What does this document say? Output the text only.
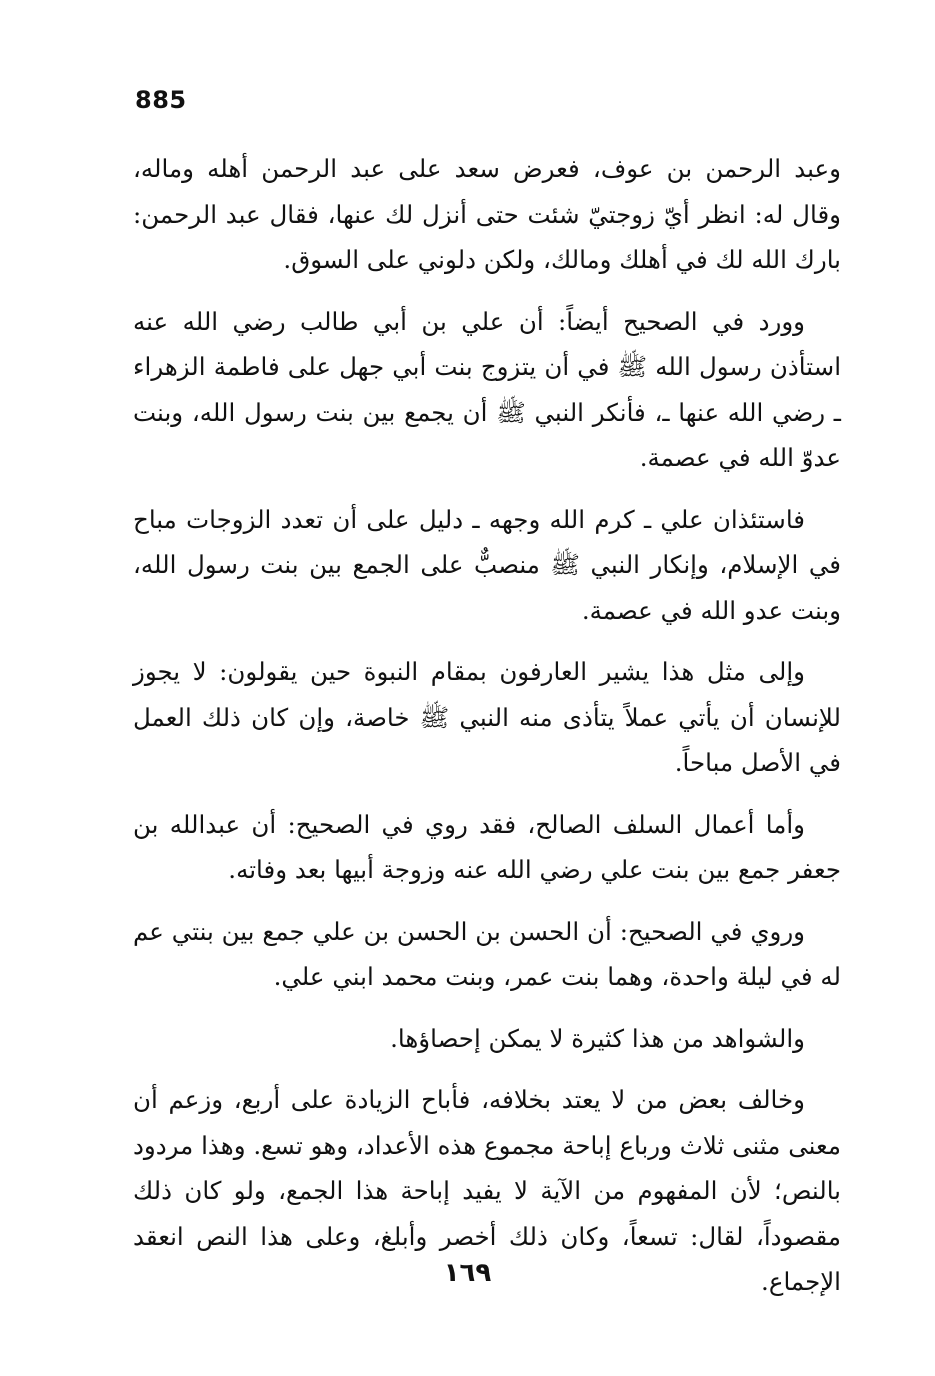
885

وعبد الرحمن بن عوف، فعرض سعد على عبد الرحمن أهله وماله، وقال له: انظر أيّ زوجتيّ شئت حتى أنزل لك عنها، فقال عبد الرحمن: بارك الله لك في أهلك ومالك، ولكن دلوني على السوق.

وورد في الصحيح أيضاً: أن علي بن أبي طالب رضي الله عنه استأذن رسول الله ﷺ في أن يتزوج بنت أبي جهل على فاطمة الزهراء ـ رضي الله عنها ـ، فأنكر النبي ﷺ أن يجمع بين بنت رسول الله، وبنت عدوّ الله في عصمة.

فاستئذان علي ـ كرم الله وجهه ـ دليل على أن تعدد الزوجات مباح في الإسلام، وإنكار النبي ﷺ منصبٌّ على الجمع بين بنت رسول الله، وبنت عدو الله في عصمة.

وإلى مثل هذا يشير العارفون بمقام النبوة حين يقولون: لا يجوز للإنسان أن يأتي عملاً يتأذى منه النبي ﷺ خاصة، وإن كان ذلك العمل في الأصل مباحاً.

وأما أعمال السلف الصالح، فقد روي في الصحيح: أن عبدالله بن جعفر جمع بين بنت علي رضي الله عنه وزوجة أبيها بعد وفاته.

وروي في الصحيح: أن الحسن بن الحسن بن علي جمع بين بنتي عم له في ليلة واحدة، وهما بنت عمر، وبنت محمد ابني علي.

والشواهد من هذا كثيرة لا يمكن إحصاؤها.

وخالف بعض من لا يعتد بخلافه، فأباح الزيادة على أربع، وزعم أن معنى مثنى ثلاث ورباع إباحة مجموع هذه الأعداد، وهو تسع. وهذا مردود بالنص؛ لأن المفهوم من الآية لا يفيد إباحة هذا الجمع، ولو كان ذلك مقصوداً، لقال: تسعاً، وكان ذلك أخصر وأبلغ، وعلى هذا النص انعقد الإجماع.

١٦٩
